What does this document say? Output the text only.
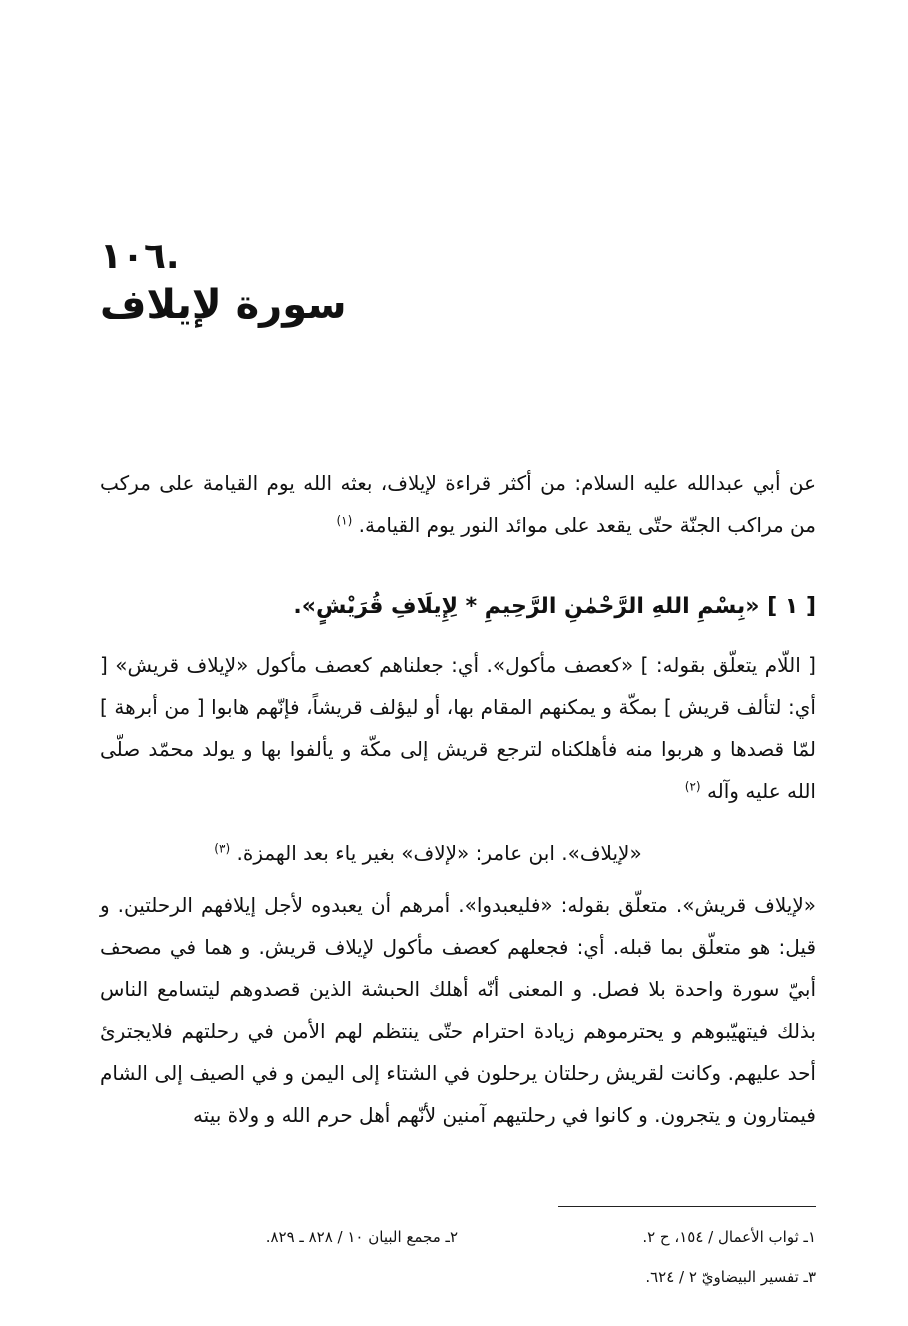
.١٠٦
سورة لإيلاف

عن أبي عبدالله عليه السلام: من أكثر قراءة لإيلاف، بعثه الله يوم القيامة على مركب من مراكب الجنّة حتّى يقعد على موائد النور يوم القيامة. $^{(١)}$

[ ١ ] «بِسْمِ اللهِ الرَّحْمٰنِ الرَّحِيمِ * لِإِيلَافِ قُرَيْشٍ».

[ اللّام يتعلّق بقوله: ] «كعصف مأكول». أي: جعلناهم كعصف مأكول «لإيلاف قريش» [ أي: لتألف قريش ] بمكّة و يمكنهم المقام بها، أو ليؤلف قريشاً، فإنّهم هابوا [ من أبرهة ] لمّا قصدها و هربوا منه فأهلكناه لترجع قريش إلى مكّة و يألفوا بها و يولد محمّد صلّى الله عليه وآله $^{(٢)}$

«لإيلاف». ابن عامر: «لإلاف» بغير ياء بعد الهمزة. $^{(٣)}$

«لإيلاف قريش». متعلّق بقوله: «فليعبدوا». أمرهم أن يعبدوه لأجل إيلافهم الرحلتين. و قيل: هو متعلّق بما قبله. أي: فجعلهم كعصف مأكول لإيلاف قريش. و هما في مصحف أبيّ سورة واحدة بلا فصل. و المعنى أنّه أهلك الحبشة الذين قصدوهم ليتسامع الناس بذلك فيتهيّبوهم و يحترموهم زيادة احترام حتّى ينتظم لهم الأمن في رحلتهم فلايجترئ أحد عليهم. وكانت لقريش رحلتان يرحلون في الشتاء إلى اليمن و في الصيف إلى الشام فيمتارون و يتجرون. و كانوا في رحلتيهم آمنين لأنّهم أهل حرم الله و ولاة بيته

١ـ ثواب الأعمال / ١٥٤، ح ٢.
٢ـ مجمع البيان ١٠ / ٨٢٨ ـ ٨٢٩.
٣ـ تفسير البيضاويّ ٢ / ٦٢٤.
